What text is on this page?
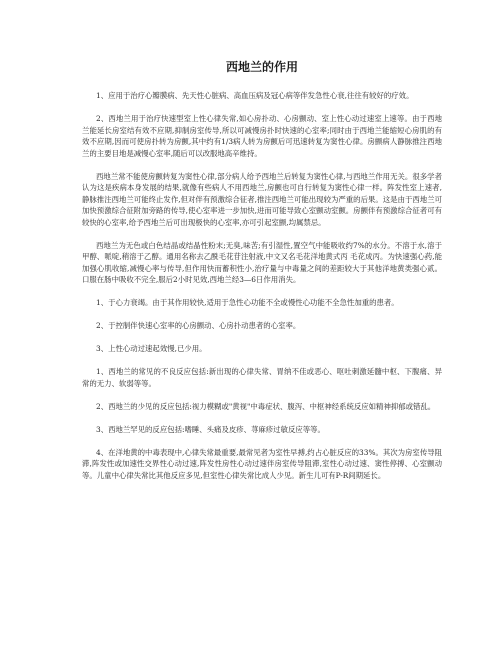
西地兰的作用

1、应用于治疗心瓣膜病、先天性心脏病、高血压病及冠心病等伴发急性心衰,往往有较好的疗效。

2、西地兰用于治疗快速型室上性心律失常,如心房扑动、心房颤动、室上性心动过速室上速等。由于西地兰能延长房室结有效不应期,抑制房室传导,所以可减慢房扑时快速的心室率;同时由于西地兰能缩短心房肌的有效不应期,因而可使房扑转为房颤,其中约有1/3病人转为房颤后可迅速转复为窦性心律。房颤病人静脉推注西地兰的主要目地是减慢心室率,随后可以改服地高辛维持。

西地兰常不能使房颤转复为窦性心律,部分病人给予西地兰后转复为窦性心律,与西地兰作用无关。很多学者认为这是疾病本身发展的结果,就像有些病人不用西地兰,房颤也可自行转复为窦性心律一样。阵发性室上速者,静脉推注西地兰可能终止发作,但对伴有预激综合征者,推注西地兰可能出现较为严重的后果。这是由于西地兰可加快预激综合征附加旁路的传导,使心室率进一步加快,进而可能导致心室颤动室颤。房颤伴有预激综合征者可有较快的心室率,给予西地兰后可出现极快的心室率,亦可引起室颤,均属禁忌。

西地兰为无色或白色结晶或结晶性粉末;无臭,味苦;有引湿性,置空气中能吸收约7%的水分。不溶于水,溶于甲醇、哌啶,稍溶于乙醇。通用名称去乙酰毛花苷注射液,中文又名毛花洋地黄式丙 毛花成丙。为快速强心药,能加强心肌收缩,减慢心率与传导,但作用快而蓄积性小,治疗量与中毒量之间的差距较大于其他洋地黄类强心贰。口服在肠中吸收不完全,服后2小时见效,西地兰经3—6日作用消失。

1、于心力衰竭。由于其作用较快,适用于急性心功能不全或慢性心功能不全急性加重的患者。

2、于控制伴快速心室率的心房颤动、心房扑动患者的心室率。

3、上性心动过速起效慢,已少用。

1、西地兰的常见的不良反应包括:新出现的心律失常、胃纳不佳或恶心、呕吐刺激延髓中枢、下腹痛、异常的无力、软弱等等。

2、西地兰的少见的反应包括:视力模糊或"黄视"中毒症状、腹泻、中枢神经系统反应如精神抑郁或错乱。

3、西地兰罕见的反应包括:嗜睡、头痛及皮疹、荨麻疹过敏反应等等。

4、在洋地黄的中毒表现中,心律失常最重要,最常见者为室性早搏,约占心脏反应的33%。其次为房室传导阻滞,阵发性或加速性交界性心动过速,阵发性房性心动过速伴房室传导阻滞,室性心动过速、窦性停搏、心室颤动等。儿童中心律失常比其他反应多见,但室性心律失常比成人少见。新生儿可有P-R间期延长。
